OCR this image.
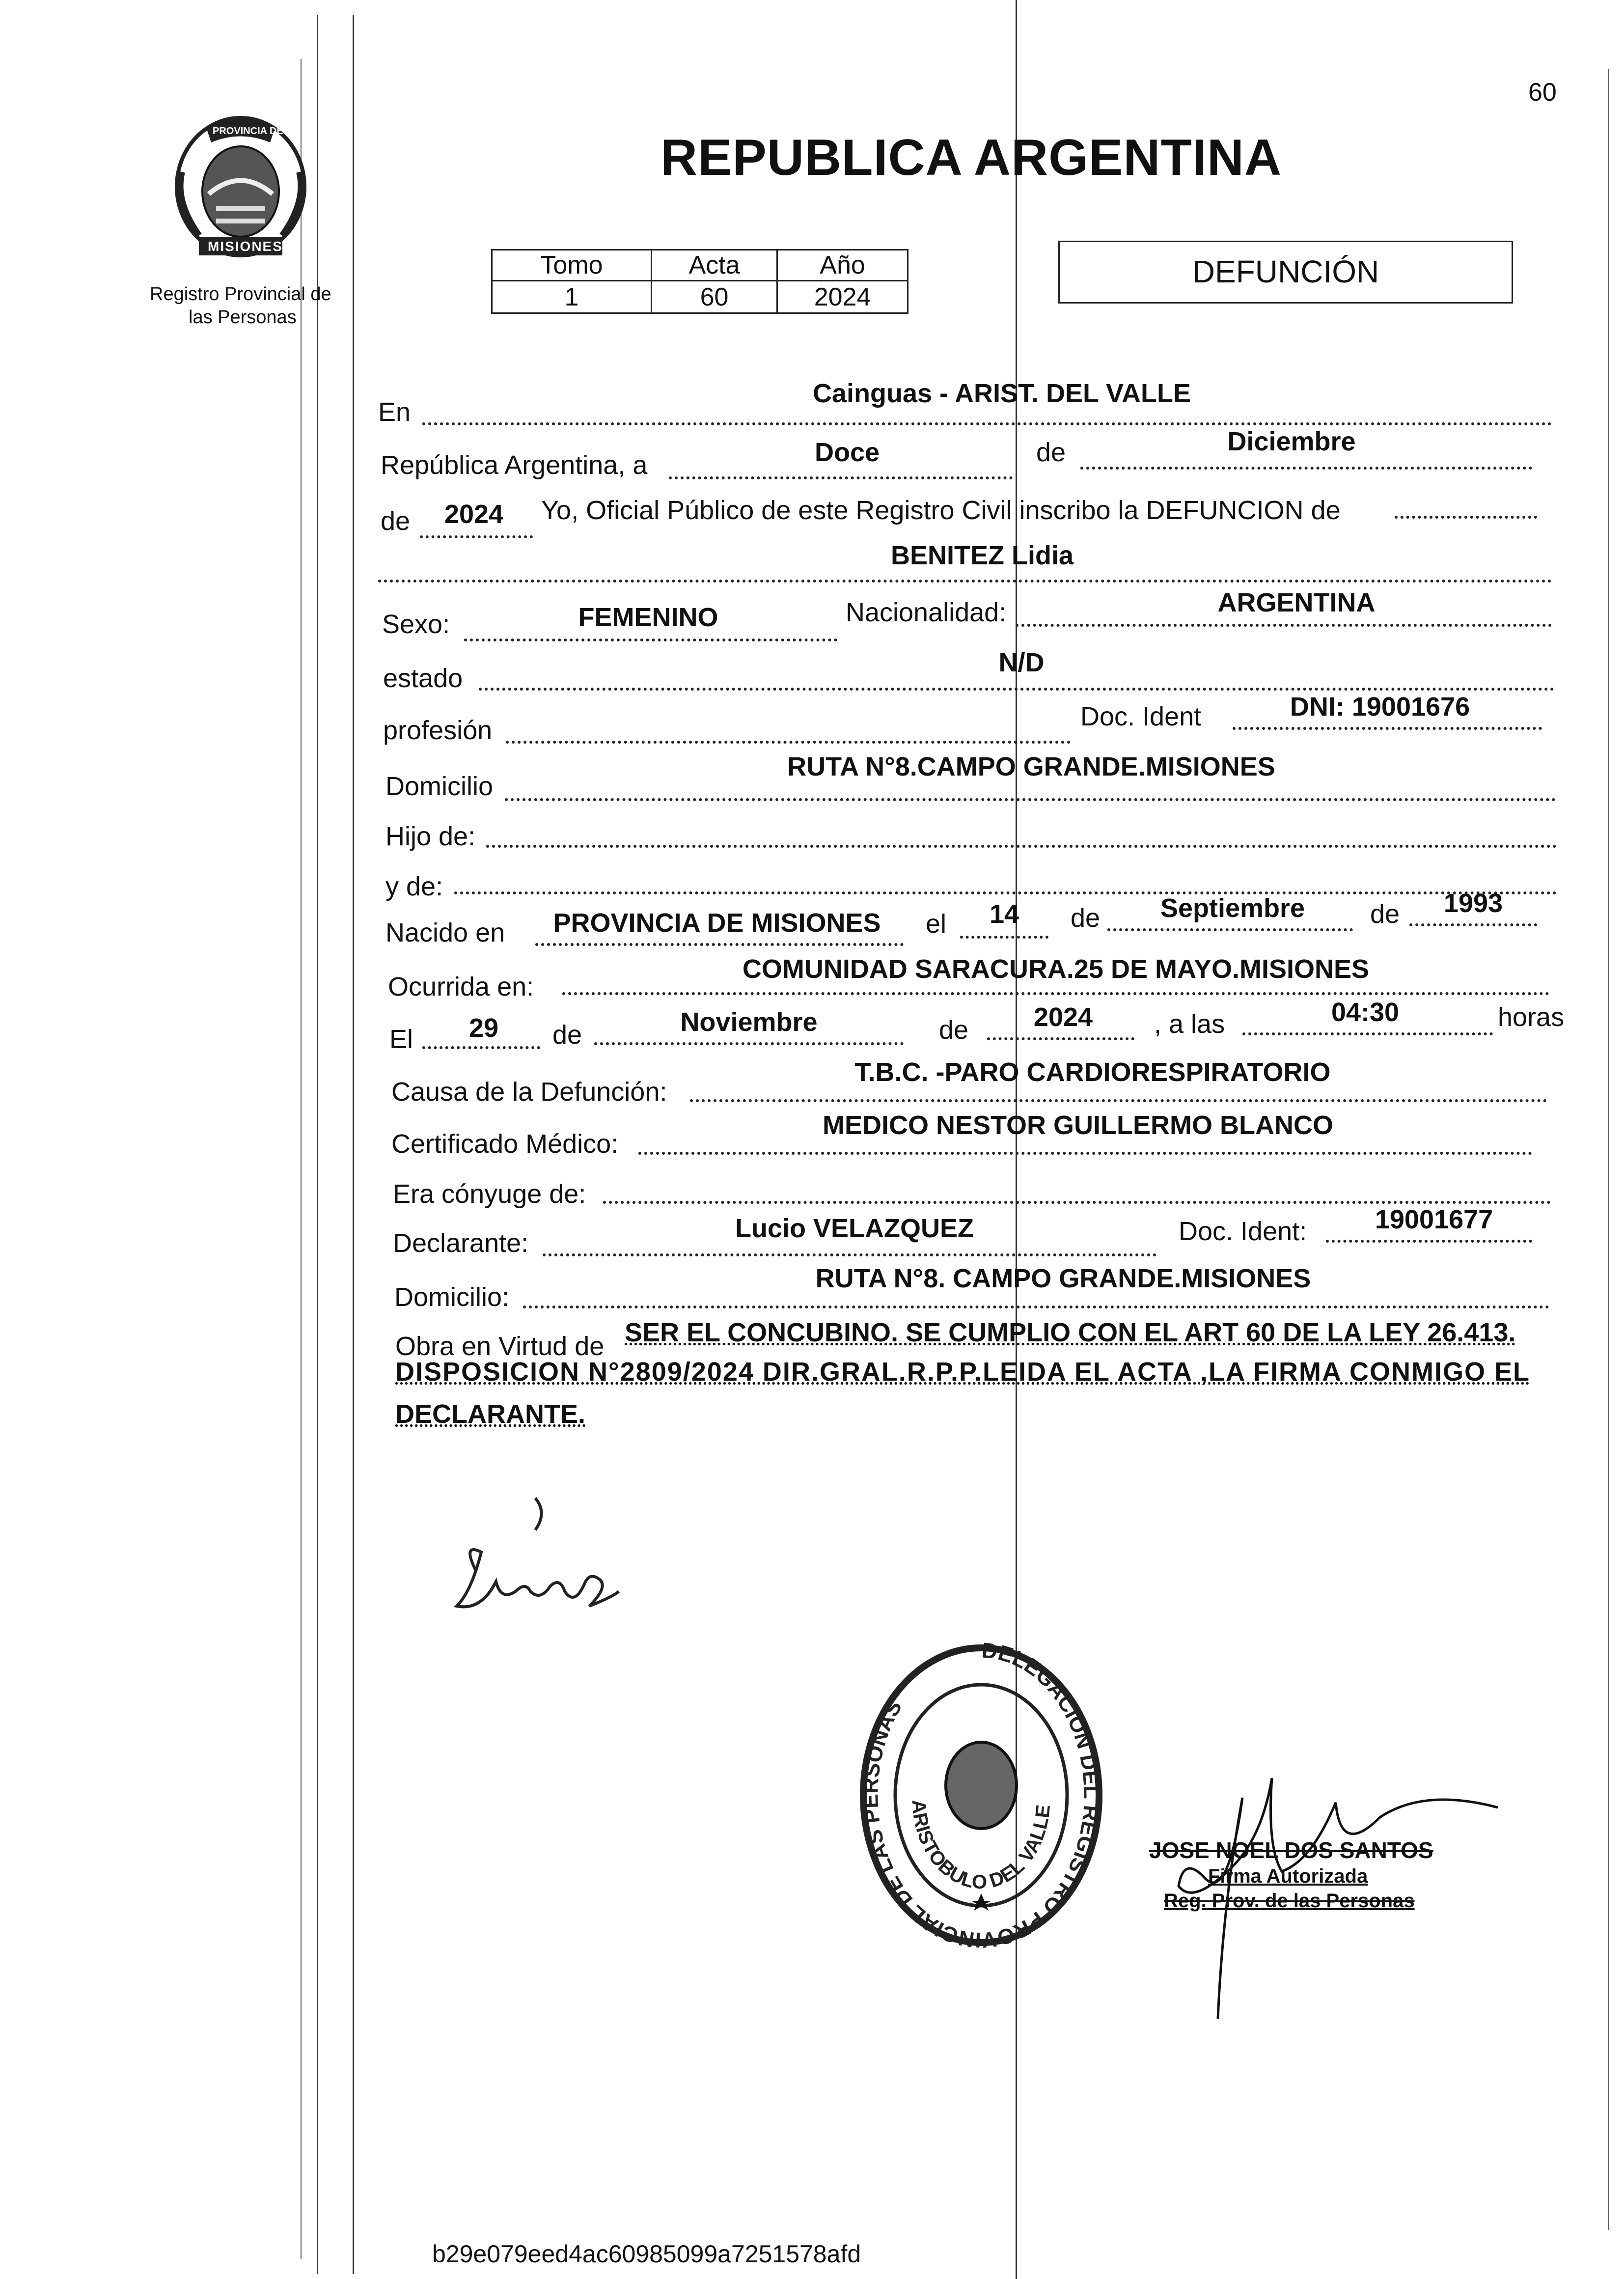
60
PROVINCIA DE
MISIONES
Registro Provincial de
las Personas
REPUBLICA ARGENTINA
Tomo	Acta	Año
1	60	2024
DEFUNCIÓN
En
Cainguas - ARIST. DEL VALLE
República Argentina, a	Doce	de	Diciembre
de	2024	Yo, Oficial Público de este Registro Civil inscribo la DEFUNCION de
BENITEZ Lidia
Sexo:	FEMENINO	Nacionalidad:	ARGENTINA
estado
N/D
profesión	Doc. Ident	DNI: 19001676
Domicilio
RUTA N°8.CAMPO GRANDE.MISIONES
Hijo de:
y de:
Nacido en	PROVINCIA DE MISIONES	el	14	de	Septiembre	de	1993
Ocurrida en:
COMUNIDAD SARACURA.25 DE MAYO.MISIONES
El	29	de	Noviembre	de	2024	, a las	04:30	horas
Causa de la Defunción:
T.B.C. -PARO CARDIORESPIRATORIO
Certificado Médico:
MEDICO NESTOR GUILLERMO BLANCO
Era cónyuge de:
Declarante:	Lucio VELAZQUEZ	Doc. Ident:	19001677
Domicilio:
RUTA N°8. CAMPO GRANDE.MISIONES
Obra en Virtud de SER EL CONCUBINO. SE CUMPLIO CON EL ART 60 DE LA LEY 26.413.
DISPOSICION N°2809/2024 DIR.GRAL.R.P.P.LEIDA EL ACTA ,LA FIRMA CONMIGO EL
DECLARANTE.
DELEGACION DEL REGISTRO PROVINCIAL DE LAS PERSONAS
ARISTOBULO DEL VALLE
JOSE NOEL DOS SANTOS
Firma Autorizada
Reg. Prov. de las Personas
b29e079eed4ac60985099a7251578afd
